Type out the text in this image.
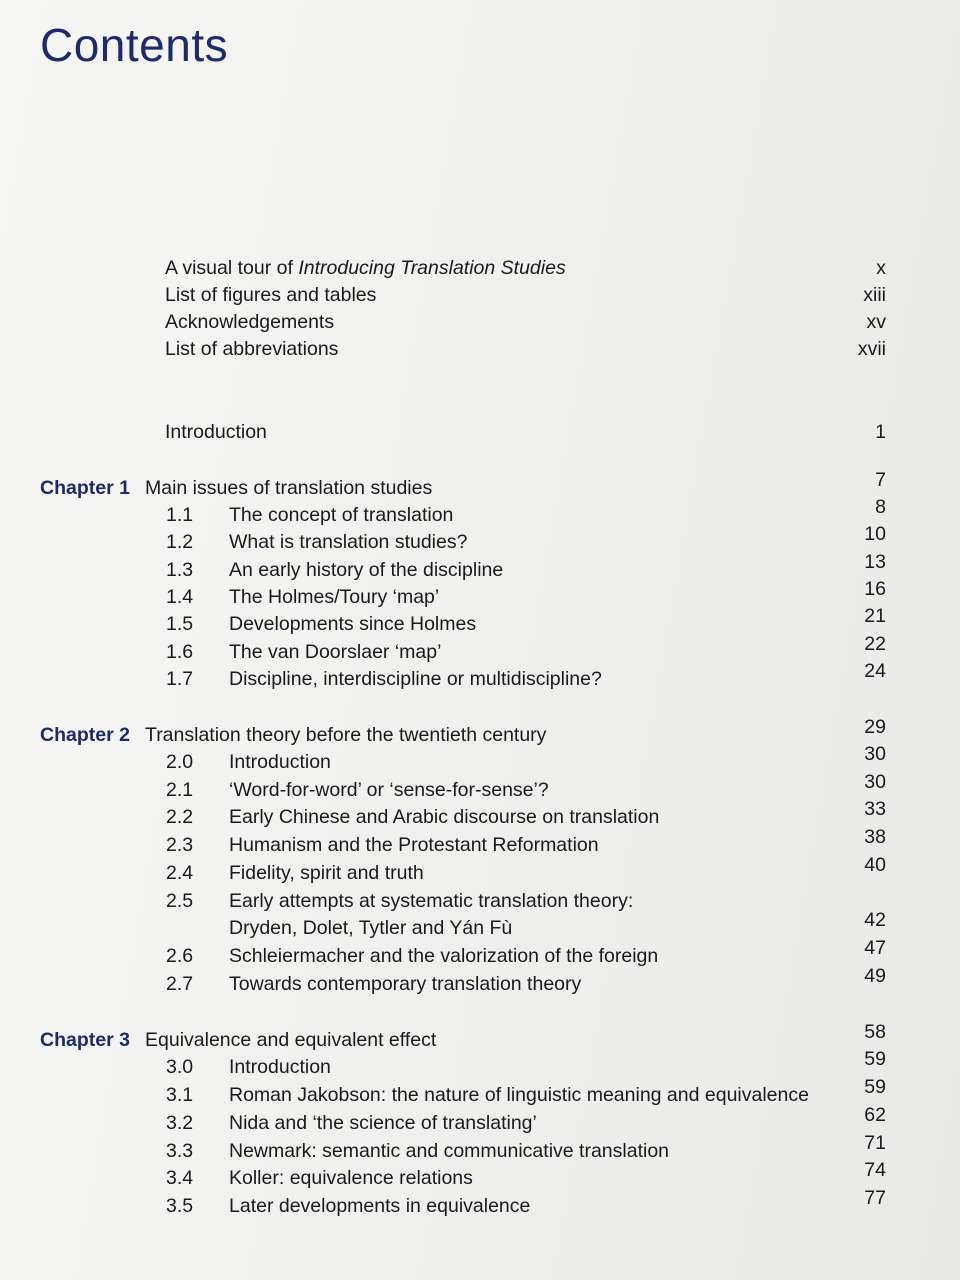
Contents
A visual tour of Introducing Translation Studies	x
List of figures and tables	xiii
Acknowledgements	xv
List of abbreviations	xvii
Introduction	1
Chapter 1 Main issues of translation studies	7
1.1 The concept of translation	8
1.2 What is translation studies?	10
1.3 An early history of the discipline	13
1.4 The Holmes/Toury ‘map’	16
1.5 Developments since Holmes	21
1.6 The van Doorslaer ‘map’	22
1.7 Discipline, interdiscipline or multidiscipline?	24
Chapter 2 Translation theory before the twentieth century	29
2.0 Introduction	30
2.1 ‘Word-for-word’ or ‘sense-for-sense’?	30
2.2 Early Chinese and Arabic discourse on translation	33
2.3 Humanism and the Protestant Reformation	38
2.4 Fidelity, spirit and truth	40
2.5 Early attempts at systematic translation theory:
Dryden, Dolet, Tytler and Yán Fù	42
2.6 Schleiermacher and the valorization of the foreign	47
2.7 Towards contemporary translation theory	49
Chapter 3 Equivalence and equivalent effect	58
3.0 Introduction	59
3.1 Roman Jakobson: the nature of linguistic meaning and equivalence	59
3.2 Nida and ‘the science of translating’	62
3.3 Newmark: semantic and communicative translation	71
3.4 Koller: equivalence relations	74
3.5 Later developments in equivalence	77
